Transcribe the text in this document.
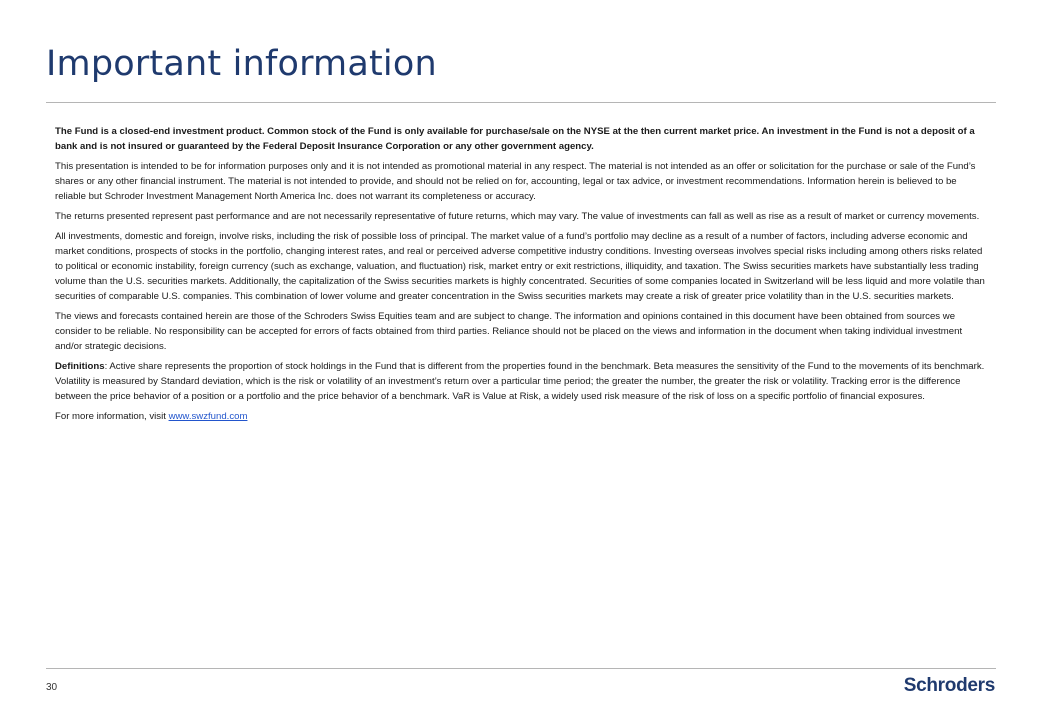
Important information

The Fund is a closed-end investment product. Common stock of the Fund is only available for purchase/sale on the NYSE at the then current market price. An investment in the Fund is not a deposit of a bank and is not insured or guaranteed by the Federal Deposit Insurance Corporation or any other government agency.

This presentation is intended to be for information purposes only and it is not intended as promotional material in any respect. The material is not intended as an offer or solicitation for the purchase or sale of the Fund’s shares or any other financial instrument. The material is not intended to provide, and should not be relied on for, accounting, legal or tax advice, or investment recommendations. Information herein is believed to be reliable but Schroder Investment Management North America Inc. does not warrant its completeness or accuracy.

The returns presented represent past performance and are not necessarily representative of future returns, which may vary. The value of investments can fall as well as rise as a result of market or currency movements.

All investments, domestic and foreign, involve risks, including the risk of possible loss of principal. The market value of a fund’s portfolio may decline as a result of a number of factors, including adverse economic and market conditions, prospects of stocks in the portfolio, changing interest rates, and real or perceived adverse competitive industry conditions. Investing overseas involves special risks including among others risks related to political or economic instability, foreign currency (such as exchange, valuation, and fluctuation) risk, market entry or exit restrictions, illiquidity, and taxation. The Swiss securities markets have substantially less trading volume than the U.S. securities markets. Additionally, the capitalization of the Swiss securities markets is highly concentrated. Securities of some companies located in Switzerland will be less liquid and more volatile than securities of comparable U.S. companies. This combination of lower volume and greater concentration in the Swiss securities markets may create a risk of greater price volatility than in the U.S. securities markets.

The views and forecasts contained herein are those of the Schroders Swiss Equities team and are subject to change. The information and opinions contained in this document have been obtained from sources we consider to be reliable. No responsibility can be accepted for errors of facts obtained from third parties. Reliance should not be placed on the views and information in the document when taking individual investment and/or strategic decisions.

Definitions: Active share represents the proportion of stock holdings in the Fund that is different from the properties found in the benchmark. Beta measures the sensitivity of the Fund to the movements of its benchmark. Volatility is measured by Standard deviation, which is the risk or volatility of an investment’s return over a particular time period; the greater the number, the greater the risk or volatility. Tracking error is the difference between the price behavior of a position or a portfolio and the price behavior of a benchmark. VaR is Value at Risk, a widely used risk measure of the risk of loss on a specific portfolio of financial exposures.

For more information, visit www.swzfund.com

30	Schroders
